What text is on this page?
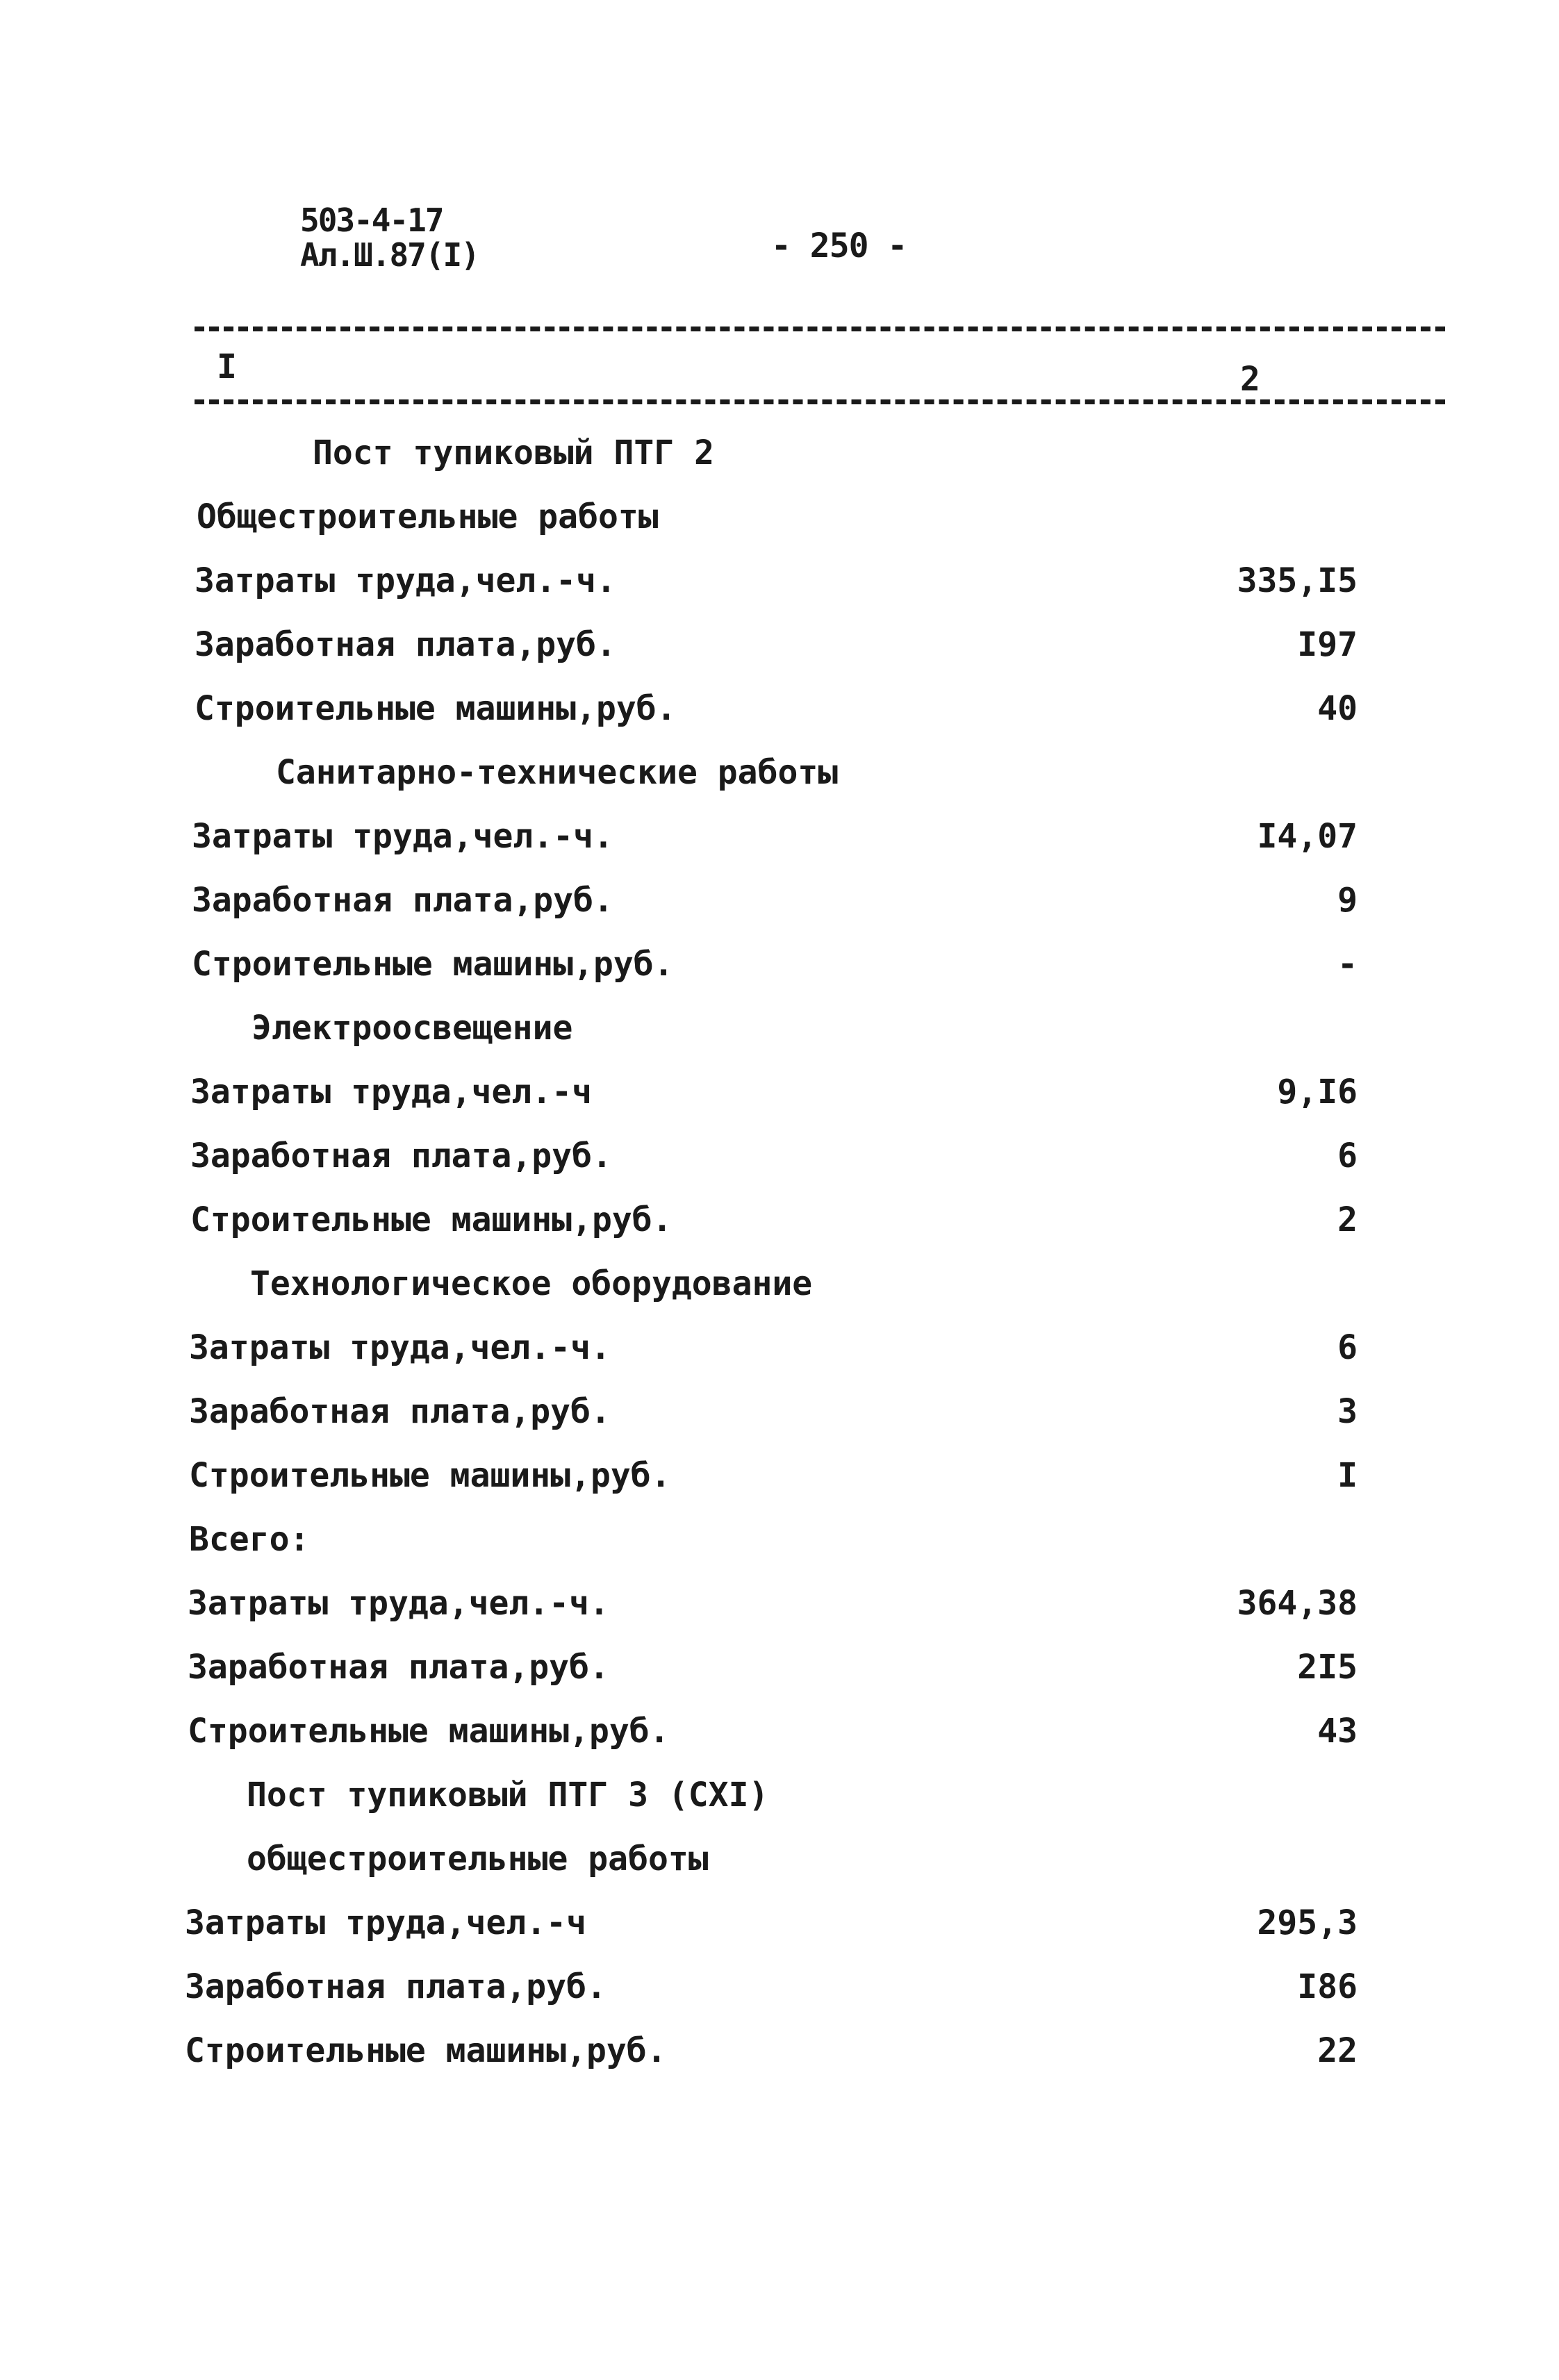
503-4-17
Ал.Ш.87(I)	- 250 -
I	2
Пост тупиковый ПТГ 2
Общестроительные работы
Затраты труда,чел.-ч.	335,I5
Заработная плата,руб.	I97
Строительные машины,руб.	40
Санитарно-технические работы
Затраты труда,чел.-ч.	I4,07
Заработная плата,руб.	9
Строительные машины,руб.	-
Электроосвещение
Затраты труда,чел.-ч	9,I6
Заработная плата,руб.	6
Строительные машины,руб.	2
Технологическое оборудование
Затраты труда,чел.-ч.	6
Заработная плата,руб.	3
Строительные машины,руб.	I
Всего:
Затраты труда,чел.-ч.	364,38
Заработная плата,руб.	2I5
Строительные машины,руб.	43
Пост тупиковый ПТГ 3 (CXI)
общестроительные работы
Затраты труда,чел.-ч	295,3
Заработная плата,руб.	I86
Строительные машины,руб.	22
